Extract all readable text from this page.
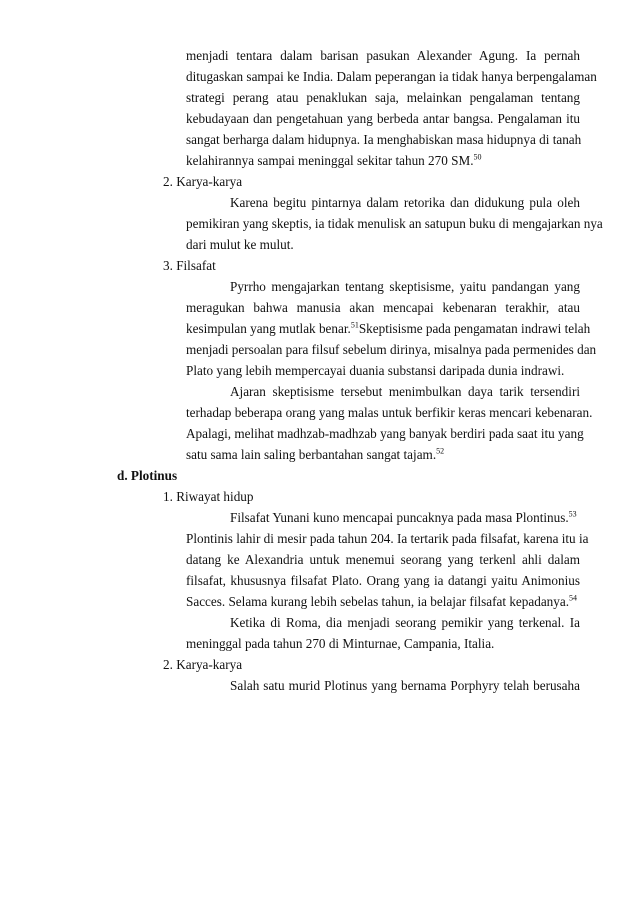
menjadi tentara dalam barisan pasukan Alexander Agung. Ia pernah
ditugaskan sampai ke India. Dalam peperangan ia tidak hanya berpengalaman
strategi perang atau penaklukan saja, melainkan pengalaman tentang
kebudayaan dan pengetahuan yang berbeda antar bangsa. Pengalaman itu
sangat berharga dalam hidupnya. Ia menghabiskan masa hidupnya di tanah
kelahirannya sampai meninggal sekitar tahun 270 SM.$^{50}$
2. Karya-karya
Karena begitu pintarnya dalam retorika dan didukung pula oleh
pemikiran yang skeptis, ia tidak menulisk an satupun buku di mengajarkan nya
dari mulut ke mulut.
3. Filsafat
Pyrrho mengajarkan tentang skeptisisme, yaitu pandangan yang
meragukan bahwa manusia akan mencapai kebenaran terakhir, atau
kesimpulan yang mutlak benar.$^{51}$Skeptisisme pada pengamatan indrawi telah
menjadi persoalan para filsuf sebelum dirinya, misalnya pada permenides dan
Plato yang lebih mempercayai duania substansi daripada dunia indrawi.
Ajaran skeptisisme tersebut menimbulkan daya tarik tersendiri
terhadap beberapa orang yang malas untuk berfikir keras mencari kebenaran.
Apalagi, melihat madhzab-madhzab yang banyak berdiri pada saat itu yang
satu sama lain saling berbantahan sangat tajam.$^{52}$
d. Plotinus
1. Riwayat hidup
Filsafat Yunani kuno mencapai puncaknya pada masa Plontinus.$^{53}$
Plontinis lahir di mesir pada tahun 204. Ia tertarik pada filsafat, karena itu ia
datang ke Alexandria untuk menemui seorang yang terkenl ahli dalam
filsafat, khususnya filsafat Plato. Orang yang ia datangi yaitu Animonius
Sacces. Selama kurang lebih sebelas tahun, ia belajar filsafat kepadanya.$^{54}$
Ketika di Roma, dia menjadi seorang pemikir yang terkenal. Ia
meninggal pada tahun 270 di Minturnae, Campania, Italia.
2. Karya-karya
Salah satu murid Plotinus yang bernama Porphyry telah berusaha
